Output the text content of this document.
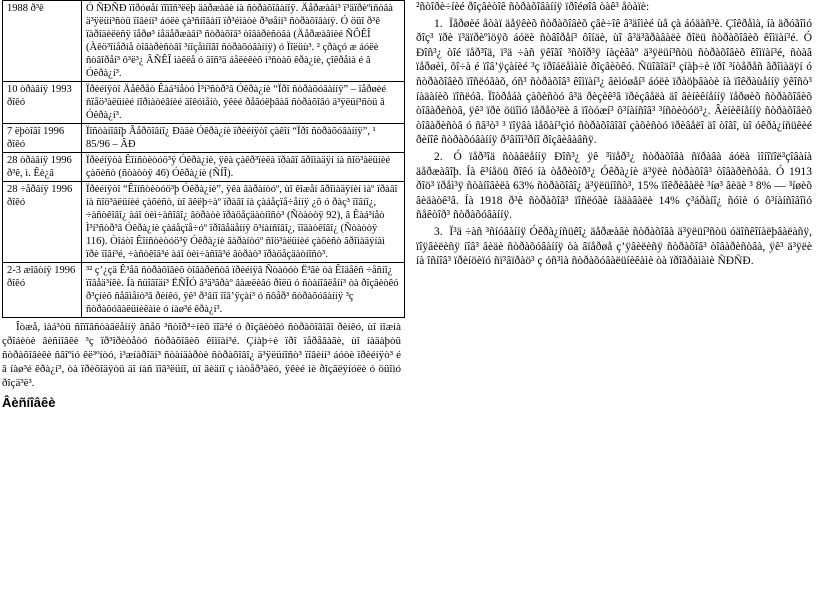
1988 ð³ê	Ó ÑÐÑÐ ïîðóøåí ïîïîñ³ëëþ äàðæàâè íà ñòðàõîâàíîÿ. Äåðæàâí³ ï³äïðèºìñòâà ä³ÿëüí³ñòü ïîâèíí³ áóëè çà³ñíîâàíî ïð³éìàòè ð³øåíí³ ñòðàõîâàíÿ. Ó öüî ð³ê ïàðîäèëèñÿ ïåðø³ íåäåðæàâí³ ñòðàõîâ³ òîâàðèñòâà (Äåðæàâíèé ÑÔÊÎ (Àêö³îíåðíå òîâàðèñòâî ³íîçåìíîãî ñòðàõóâàííÿ) ó Ïîëüù³. ² çðàçó æ áóëè ñòâîðåí³ ô³ë³¿ ÂÑÊÎ ìàêëå ó äîñ³ä áåëèêèõ ì³ñòàõ êðà¿íè, çîêðåìà é â Óêðà¿í³.
10 òðàâíÿ 1993 ðîêó	Ïðèéíÿòî Äåêðåò Êàá³íåòó Ì³í³ñòð³â Óêðà¿íè “Ïðî ñòðàõóâàííÿ” – ïåðøèé ñïåö³àëüíèé íîðìàòèâíèé äîêóìåíò, ÿêèé ðåãóëþâàâ ñòðàõîâó ä³ÿëüí³ñòü â Óêðà¿í³.
7 ëþòîãî 1996 ðîêó	Ïîñòàíîâîþ Âåðõîâíî¿ Ðàäè Óêðà¿íè ïðèéíÿòî çàêîí “Ïðî ñòðàõóâàííÿ”, ¹ 85/96 – ÂÐ
28 òðàâíÿ 1996 ð³ê, ì. Êè¿â	Ïðèéíÿòà Êîíñòèòóö³ÿ Óêðà¿íè, ÿêà çàêð³ïèëà ïðàâî ãðîìàäÿí íà ñîö³àëüíèé çàõèñò (ñòàòòÿ 46) Óêðà¿íè (ÑÍÎ).
28 ÷åðâíÿ 1996 ðîêó	Ïðèéíÿòî “Êîíñòèòóö³þ Óêðà¿íè”, ÿêà ãàðàíòóº, ùî êîæåí ãðîìàäÿíèí ìàº ïðàâî íà ñîö³àëüíèé çàõèñò, ùî âêëþ÷àº ïðàâî íà çàáåçïå÷åííÿ ¿õ ó ðàç³ ïîâíî¿, ÷àñòêîâî¿ àáî òèì÷àñîâî¿ âòðàòè ïðàöåçäàòíîñò³ (Ñòàòòÿ 92), â Êàá³íåò Ì³í³ñòð³â Óêðà¿íè çàáåçïå÷óº ïðîâåäåííÿ ô³íàíñîâî¿, ïîäàòêîâî¿ (Ñòàòòÿ 116). Òîáòî Êîíñòèòóö³ÿ Óêðà¿íè ãàðàíòóº ñîö³àëüíèé çàõèñò ãðîìàäÿíàì ïðè ïîâí³é, ÷àñòêîâ³é àáî òèì÷àñîâ³é âòðàò³ ïðàöåçäàòíîñò³.
2-3 æîâòíÿ 1996 ðîêó	³² ç’¿çä Ê³åâ ñòðàõîâèõ òîâàðèñòâ ïðèéíÿâ Ñòàòóò Ë³ãè òà Êîäåêñ ÷åñíî¿ ïîâåä³íêè. Íà ñüîãîäí³ ËÑÎÓ â³ä³ãðàº âàæëèâó ðîëü ó ñòàíîâëåíí³ òà ðîçâèòêó ð³çíèõ ñåãìåíò³â ðèíêó, ÿê³ ð³âíî ïîâ’ÿçàí³ ó ñôåð³ ñòðàõóâàííÿ ³ç ñòðàõóâàëüíèêàìè ó íàø³é êðà¿í³.

Îòæå, ìàá³òü ñîïîâñòàâëåííÿ âñåõ ³ñòîð³÷íèõ ïîä³é ó ðîçâèòêó ñòðàõîâîãî ðèíêó, ùî ìîæíà çðîáèòè âèñíîâêè ³ç ïð³îðèòåòó ñòðàõîâèõ êîìïàí³é. Çíàþ÷è ïðî ïåðåâàãè, ùî íàäàþòü ñòðàõîâèêè ñâîºìó êë³ºíòó, ì³æíàðîäí³ ñòàíäàðòè ñòðàõîâî¿ ä³ÿëüíîñò³ ïîâèíí³ áóòè ïðèéíÿò³ é â íàø³é êðà¿í³, òà ïðèõîäÿòü äî íàñ ïîâ³ëüíî, ùî âèäíî ç ìàòåð³àëó, ÿêèé ìè ðîçãëÿíóëè ó öüîìó ðîçä³ë³.

Âèñíîâêè

²ñòîðè÷íèé ðîçâèòîê ñòðàõîâàííÿ ïðîéøîâ òàê³ åòàïè:

1. Ïåðøèé åòàï äåÿêèõ ñòðàõîâèõ çâè÷îê â³äîìèé ùå çà áóäàñ³è. Çîêðåìà, íà äðóãîìó ðîç³ ïðè ï³äïðèºìöÿõ áóëè ñòâîðåí³ ôîíäè, ùî â³ä³ãðàâàëè ðîëü ñòðàõîâèõ êîìïàí³é. Ó Ðîñ³¿ òîé ïåð³îä, ï³ä ÷àñ ÿêîãî ³ñòîð³ÿ íàçèâàº ä³ÿëüí³ñòü ñòðàõîâèõ êîìïàí³é, ñòàâ ïåðøèì, õî÷à é ïîâ’ÿçàíèé ³ç ïðîáëåìàìè ðîçâèòêó. Ñüîãîäí³ çíàþ÷è ïðî ³íòåðåñ ãðîìàäÿí ó ñòðàõîâèõ ïîñëóãàõ, óñ³ ñòðàõîâ³ êîìïàí³¿ âèìóøåí³ áóëè ïðàöþâàòè íà ïîêðàùåííÿ ÿêîñò³ íàäàíèõ ïîñëóã. Ïîòðåáà çàõèñòó â³ä ðèçèê³â ïðèçâåëà äî âèíèêíåííÿ ïåðøèõ ñòðàõîâèõ òîâàðèñòâ, ÿê³ ïðè öüîìó ïåðåò³ëè â ïîòóæí³ ô³íàíñîâ³ ³íñòèòóö³¿. Âèíèêíåííÿ ñòðàõîâèõ òîâàðèñòâ ó ñâ³ò³ ³ ïîÿâà ìåõàí³çìó ñòðàõîâîãî çàõèñòó ïðèâåëî äî òîãî, ùî óêðà¿íñüêèé ðèíîê ñòðàõóâàííÿ ð³âíîì³ðíî ðîçâèâàâñÿ.

2. Ó ïåð³îä ñòàâëåííÿ Ðîñ³¿ ÿê ³ìïåð³¿ ñòðàõîâà ñïðàâà áóëà ìîíîïîë³çîâàíà äåðæàâîþ. Íà ê³íåöü ðîêó íà òåðèòîð³¿ Óêðà¿íè ä³ÿëè ñòðàõîâ³ òîâàðèñòâà. Ó 1913 ðîö³ ïðåì³ÿ ñòàíîâèëà 63% ñòðàõîâî¿ ä³ÿëüíîñò³, 15% ïîêðèâàëè ³íø³ âèäè ³ 8% — ³íøèõ âèäàòê³â. Íà 1918 ð³ê ñòðàõîâ³ ïîñëóãè íàäàâàëè 14% ç³áðàíî¿ ñóìè ó ô³íàíñîâîìó ñåêòîð³ ñòðàõóâàííÿ.

3. Ï³ä ÷àñ ³ñíóâàííÿ Óêðà¿íñüêî¿ äåðæàâè ñòðàõîâà ä³ÿëüí³ñòü óäîñêîíàëþâàëàñÿ, ïîÿâèëèñÿ íîâ³ âèäè ñòðàõóâàííÿ òà âïåðøå ç’ÿâèëèñÿ ñòðàõîâ³ òîâàðèñòâà, ÿê³ ä³ÿëè íà îñíîâ³ ïðèíöèïó ñï³âïðàö³ ç óñ³ìà ñòðàõóâàëüíèêàìè òà ïðîãðàìàìè ÑÐÑÐ.
